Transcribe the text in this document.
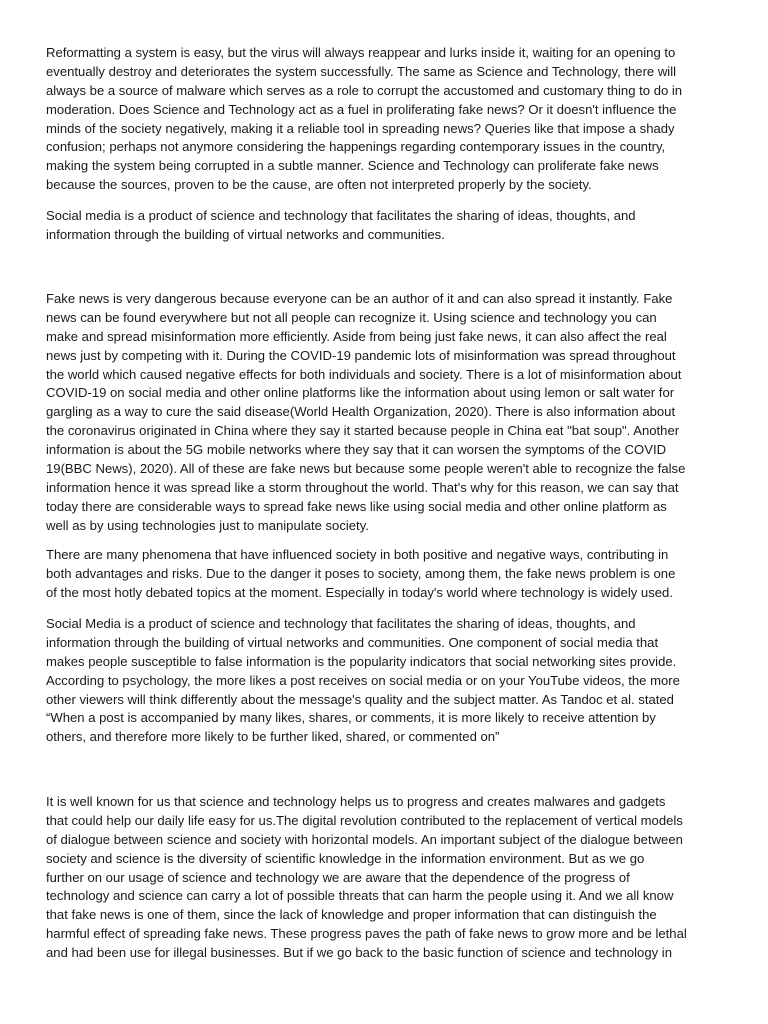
Reformatting a system is easy, but the virus will always reappear and lurks inside it, waiting for an opening to
eventually destroy and deteriorates the system successfully. The same as Science and Technology, there will
always be a source of malware which serves as a role to corrupt the accustomed and customary thing to do in
moderation. Does Science and Technology act as a fuel in proliferating fake news? Or it doesn't influence the
minds of the society negatively, making it a reliable tool in spreading news? Queries like that impose a shady
confusion; perhaps not anymore considering the happenings regarding contemporary issues in the country,
making the system being corrupted in a subtle manner. Science and Technology can proliferate fake news
because the sources, proven to be the cause, are often not interpreted properly by the society.
Social media is a product of science and technology that facilitates the sharing of ideas, thoughts, and
information through the building of virtual networks and communities.
Fake news is very dangerous because everyone can be an author of it and can also spread it instantly. Fake
news can be found everywhere but not all people can recognize it. Using science and technology you can
make and spread misinformation more efficiently. Aside from being just fake news, it can also affect the real
news just by competing with it. During the COVID-19 pandemic lots of misinformation was spread throughout
the world which caused negative effects for both individuals and society. There is a lot of misinformation about
COVID-19 on social media and other online platforms like the information about using lemon or salt water for
gargling as a way to cure the said disease(World Health Organization, 2020). There is also information about
the coronavirus originated in China where they say it started because people in China eat "bat soup". Another
information is about the 5G mobile networks where they say that it can worsen the symptoms of the COVID
19(BBC News), 2020). All of these are fake news but because some people weren't able to recognize the false
information hence it was spread like a storm throughout the world. That's why for this reason, we can say that
today there are considerable ways to spread fake news like using social media and other online platform as
well as by using technologies just to manipulate society.
There are many phenomena that have influenced society in both positive and negative ways, contributing in
both advantages and risks. Due to the danger it poses to society, among them, the fake news problem is one
of the most hotly debated topics at the moment. Especially in today's world where technology is widely used.
Social Media is a product of science and technology that facilitates the sharing of ideas, thoughts, and
information through the building of virtual networks and communities. One component of social media that
makes people susceptible to false information is the popularity indicators that social networking sites provide.
According to psychology, the more likes a post receives on social media or on your YouTube videos, the more
other viewers will think differently about the message's quality and the subject matter. As Tandoc et al. stated
“When a post is accompanied by many likes, shares, or comments, it is more likely to receive attention by
others, and therefore more likely to be further liked, shared, or commented on”
It is well known for us that science and technology helps us to progress and creates malwares and gadgets
that could help our daily life easy for us.The digital revolution contributed to the replacement of vertical models
of dialogue between science and society with horizontal models. An important subject of the dialogue between
society and science is the diversity of scientific knowledge in the information environment. But as we go
further on our usage of science and technology we are aware that the dependence of the progress of
technology and science can carry a lot of possible threats that can harm the people using it. And we all know
that fake news is one of them, since the lack of knowledge and proper information that can distinguish the
harmful effect of spreading fake news. These progress paves the path of fake news to grow more and be lethal
and had been use for illegal businesses. But if we go back to the basic function of science and technology in
